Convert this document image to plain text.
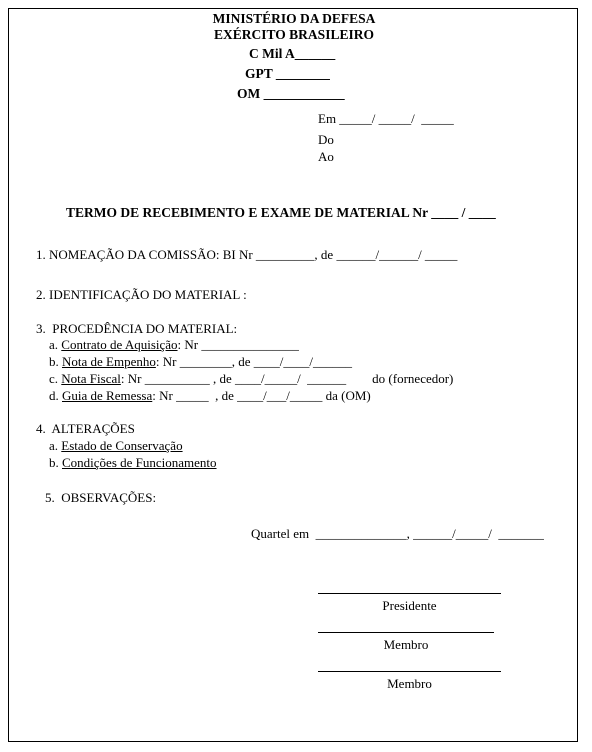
MINISTÉRIO DA DEFESA
EXÉRCITO BRASILEIRO
C Mil A______
GPT ________
OM ____________
Em _____/ _____/  _____
Do
Ao
TERMO DE RECEBIMENTO E EXAME DE MATERIAL Nr ____ / ____
1. NOMEAÇÃO DA COMISSÃO: BI Nr _________, de ______/______/ _____
2. IDENTIFICAÇÃO DO MATERIAL :
3.  PROCEDÊNCIA DO MATERIAL:
a. Contrato de Aquisição: Nr _______________
b. Nota de Empenho: Nr ________, de ____/____/______
c. Nota Fiscal: Nr __________ , de ____/_____/  ______        do (fornecedor)
d. Guia de Remessa: Nr _____  , de ____/___/_____ da (OM)
4.  ALTERAÇÕES
a. Estado de Conservação
b. Condições de Funcionamento
5.  OBSERVAÇÕES:
Quartel em  ______________, ______/_____/  _______
Presidente
Membro
Membro
